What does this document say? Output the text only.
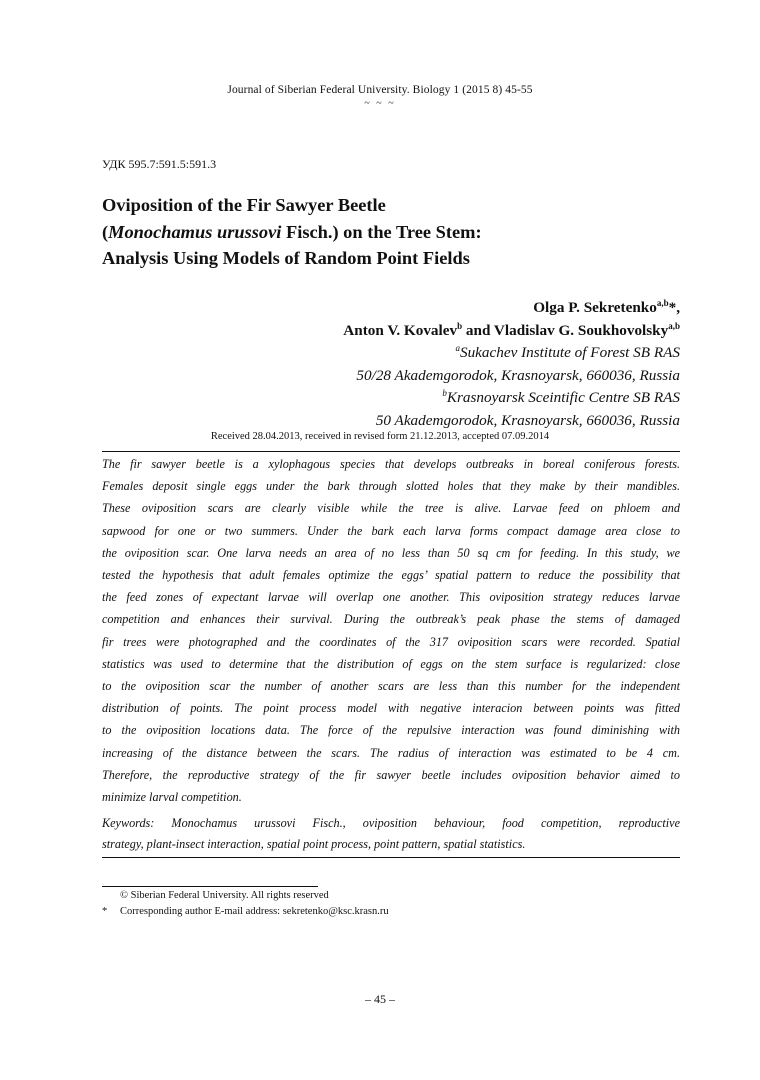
Journal of Siberian Federal University. Biology 1 (2015 8) 45-55
~ ~ ~
УДК 595.7:591.5:591.3
Oviposition of the Fir Sawyer Beetle
(Monochamus urussovi Fisch.) on the Tree Stem:
Analysis Using Models of Random Point Fields
Olga P. Sekretenko$^{a,b}$*,
Anton V. Kovalev$^b$ and Vladislav G. Soukhovolsky$^{a,b}$
$^a$Sukachev Institute of Forest SB RAS
50/28 Akademgorodok, Krasnoyarsk, 660036, Russia
$^b$Krasnoyarsk Sceintific Centre SB RAS
50 Akademgorodok, Krasnoyarsk, 660036, Russia
Received 28.04.2013, received in revised form 21.12.2013, accepted 07.09.2014
The fir sawyer beetle is a xylophagous species that develops outbreaks in boreal coniferous forests.
Females deposit single eggs under the bark through slotted holes that they make by their mandibles.
These oviposition scars are clearly visible while the tree is alive. Larvae feed on phloem and
sapwood for one or two summers. Under the bark each larva forms compact damage area close to
the oviposition scar. One larva needs an area of no less than 50 sq cm for feeding. In this study, we
tested the hypothesis that adult females optimize the eggs’ spatial pattern to reduce the possibility that
the feed zones of expectant larvae will overlap one another. This oviposition strategy reduces larvae
competition and enhances their survival. During the outbreak’s peak phase the stems of damaged
fir trees were photographed and the coordinates of the 317 oviposition scars were recorded. Spatial
statistics was used to determine that the distribution of eggs on the stem surface is regularized: close
to the oviposition scar the number of another scars are less than this number for the independent
distribution of points. The point process model with negative interacion between points was fitted
to the oviposition locations data. The force of the repulsive interaction was found diminishing with
increasing of the distance between the scars. The radius of interaction was estimated to be 4 cm.
Therefore, the reproductive strategy of the fir sawyer beetle includes oviposition behavior aimed to
minimize larval competition.
Keywords: Monochamus urussovi Fisch., oviposition behaviour, food competition, reproductive
strategy, plant-insect interaction, spatial point process, point pattern, spatial statistics.
© Siberian Federal University. All rights reserved
* Corresponding author E-mail address: sekretenko@ksc.krasn.ru
– 45 –
